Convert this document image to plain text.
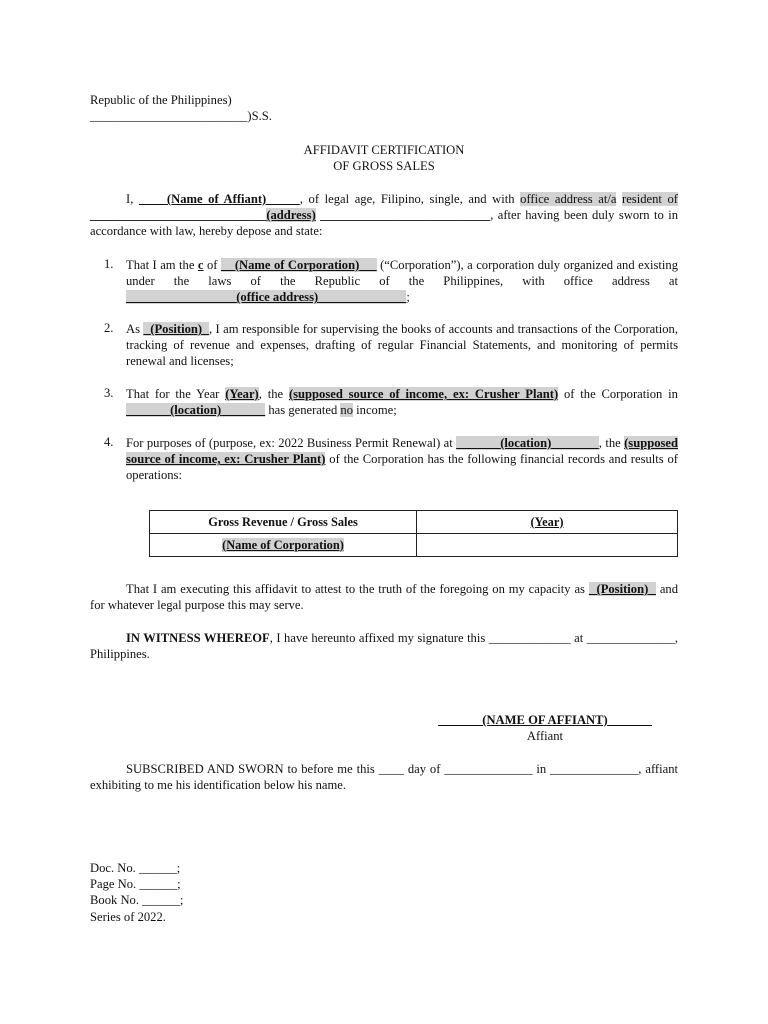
Republic of the Philippines)

_________________________)S.S.

AFFIDAVIT CERTIFICATION

OF GROSS SALES

I,	(Name of Affiant)	, of legal age, Filipino, single, and with office address at/a resident of ____________________________(address) ___________________________, after having been duly sworn to in accordance with law, hereby depose and state:

1. That I am the c of     (Name of Corporation)      (“Corporation”), a corporation duly organized and existing under the laws of the Republic of the Philippines, with office address at                                    (office address)	;

2. As   (Position) , I am responsible for supervising the books of accounts and transactions of the Corporation, tracking of revenue and expenses, drafting of regular Financial Statements, and monitoring of permits renewal and licenses;

3. That for the Year (Year), the (supposed source of income, ex: Crusher Plant) of the Corporation in               (location)	has generated no income;

4. For purposes of (purpose, ex: 2022 Business Permit Renewal) at	(location)	, the (supposed source of income, ex: Crusher Plant) of the Corporation has the following financial records and results of operations:

Gross Revenue / Gross Sales	(Year)
(Name of Corporation)	

That I am executing this affidavit to attest to the truth of the foregoing on my capacity as   (Position)   and for whatever legal purpose this may serve.

IN WITNESS WHEREOF, I have hereunto affixed my signature this _____________ at ______________, Philippines.

_______(NAME OF AFFIANT)_______

Affiant

SUBSCRIBED AND SWORN to before me this ____ day of ______________ in ______________, affiant exhibiting to me his identification below his name.

Doc. No. ______;

Page No. ______;

Book No. ______;

Series of 2022.
